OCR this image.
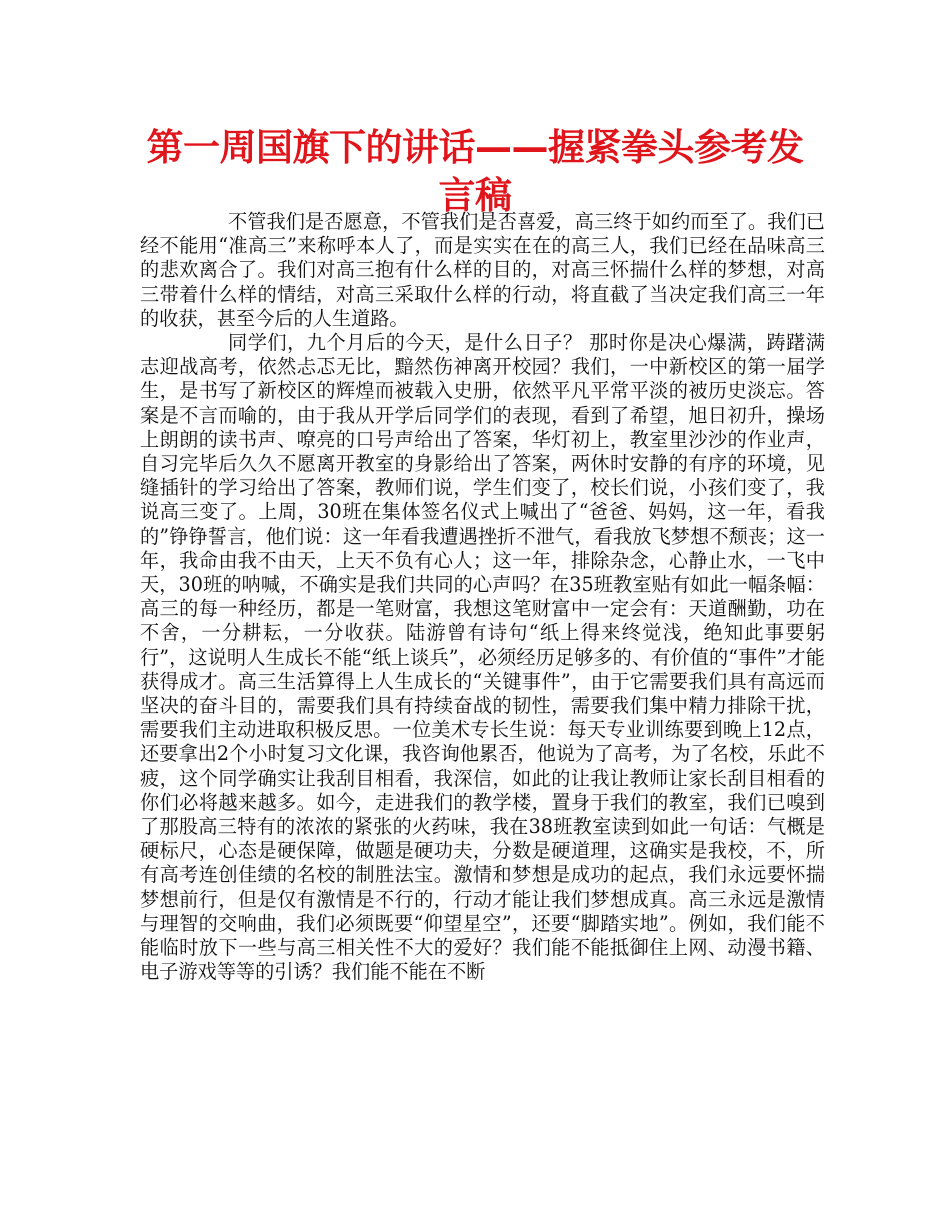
第一周国旗下的讲话——握紧拳头参考发言稿

不管我们是否愿意，不管我们是否喜爱，高三终于如约而至了。我们已经不能用“准高三”来称呼本人了，而是实实在在的高三人，我们已经在品味高三的悲欢离合了。我们对高三抱有什么样的目的，对高三怀揣什么样的梦想，对高三带着什么样的情结，对高三采取什么样的行动，将直截了当决定我们高三一年的收获，甚至今后的人生道路。

同学们，九个月后的今天，是什么日子？ 那时你是决心爆满，踌躇满志迎战高考，依然忐忑无比，黯然伤神离开校园？我们，一中新校区的第一届学生，是书写了新校区的辉煌而被载入史册，依然平凡平常平淡的被历史淡忘。答案是不言而喻的，由于我从开学后同学们的表现，看到了希望，旭日初升，操场上朗朗的读书声、嘹亮的口号声给出了答案，华灯初上，教室里沙沙的作业声，自习完毕后久久不愿离开教室的身影给出了答案，两休时安静的有序的环境，见缝插针的学习给出了答案，教师们说，学生们变了，校长们说，小孩们变了，我说高三变了。上周，30班在集体签名仪式上喊出了“爸爸、妈妈，这一年，看我的”铮铮誓言，他们说：这一年看我遭遇挫折不泄气，看我放飞梦想不颓丧；这一年，我命由我不由天，上天不负有心人；这一年，排除杂念，心静止水，一飞中天，30班的呐喊，不确实是我们共同的心声吗？在35班教室贴有如此一幅条幅：高三的每一种经历，都是一笔财富，我想这笔财富中一定会有：天道酬勤，功在不舍，一分耕耘，一分收获。陆游曾有诗句“纸上得来终觉浅，绝知此事要躬行”，这说明人生成长不能“纸上谈兵”，必须经历足够多的、有价值的“事件”才能获得成才。高三生活算得上人生成长的“关键事件”，由于它需要我们具有高远而坚决的奋斗目的，需要我们具有持续奋战的韧性，需要我们集中精力排除干扰，需要我们主动进取积极反思。一位美术专长生说：每天专业训练要到晚上12点，还要拿出2个小时复习文化课，我咨询他累否，他说为了高考，为了名校，乐此不疲，这个同学确实让我刮目相看，我深信，如此的让我让教师让家长刮目相看的你们必将越来越多。如今，走进我们的教学楼，置身于我们的教室，我们已嗅到了那股高三特有的浓浓的紧张的火药味，我在38班教室读到如此一句话：气概是硬标尺，心态是硬保障，做题是硬功夫，分数是硬道理，这确实是我校，不，所有高考连创佳绩的名校的制胜法宝。激情和梦想是成功的起点，我们永远要怀揣梦想前行，但是仅有激情是不行的，行动才能让我们梦想成真。高三永远是激情与理智的交响曲，我们必须既要“仰望星空”，还要“脚踏实地”。例如，我们能不能临时放下一些与高三相关性不大的爱好？我们能不能抵御住上网、动漫书籍、电子游戏等等的引诱？我们能不能在不断
